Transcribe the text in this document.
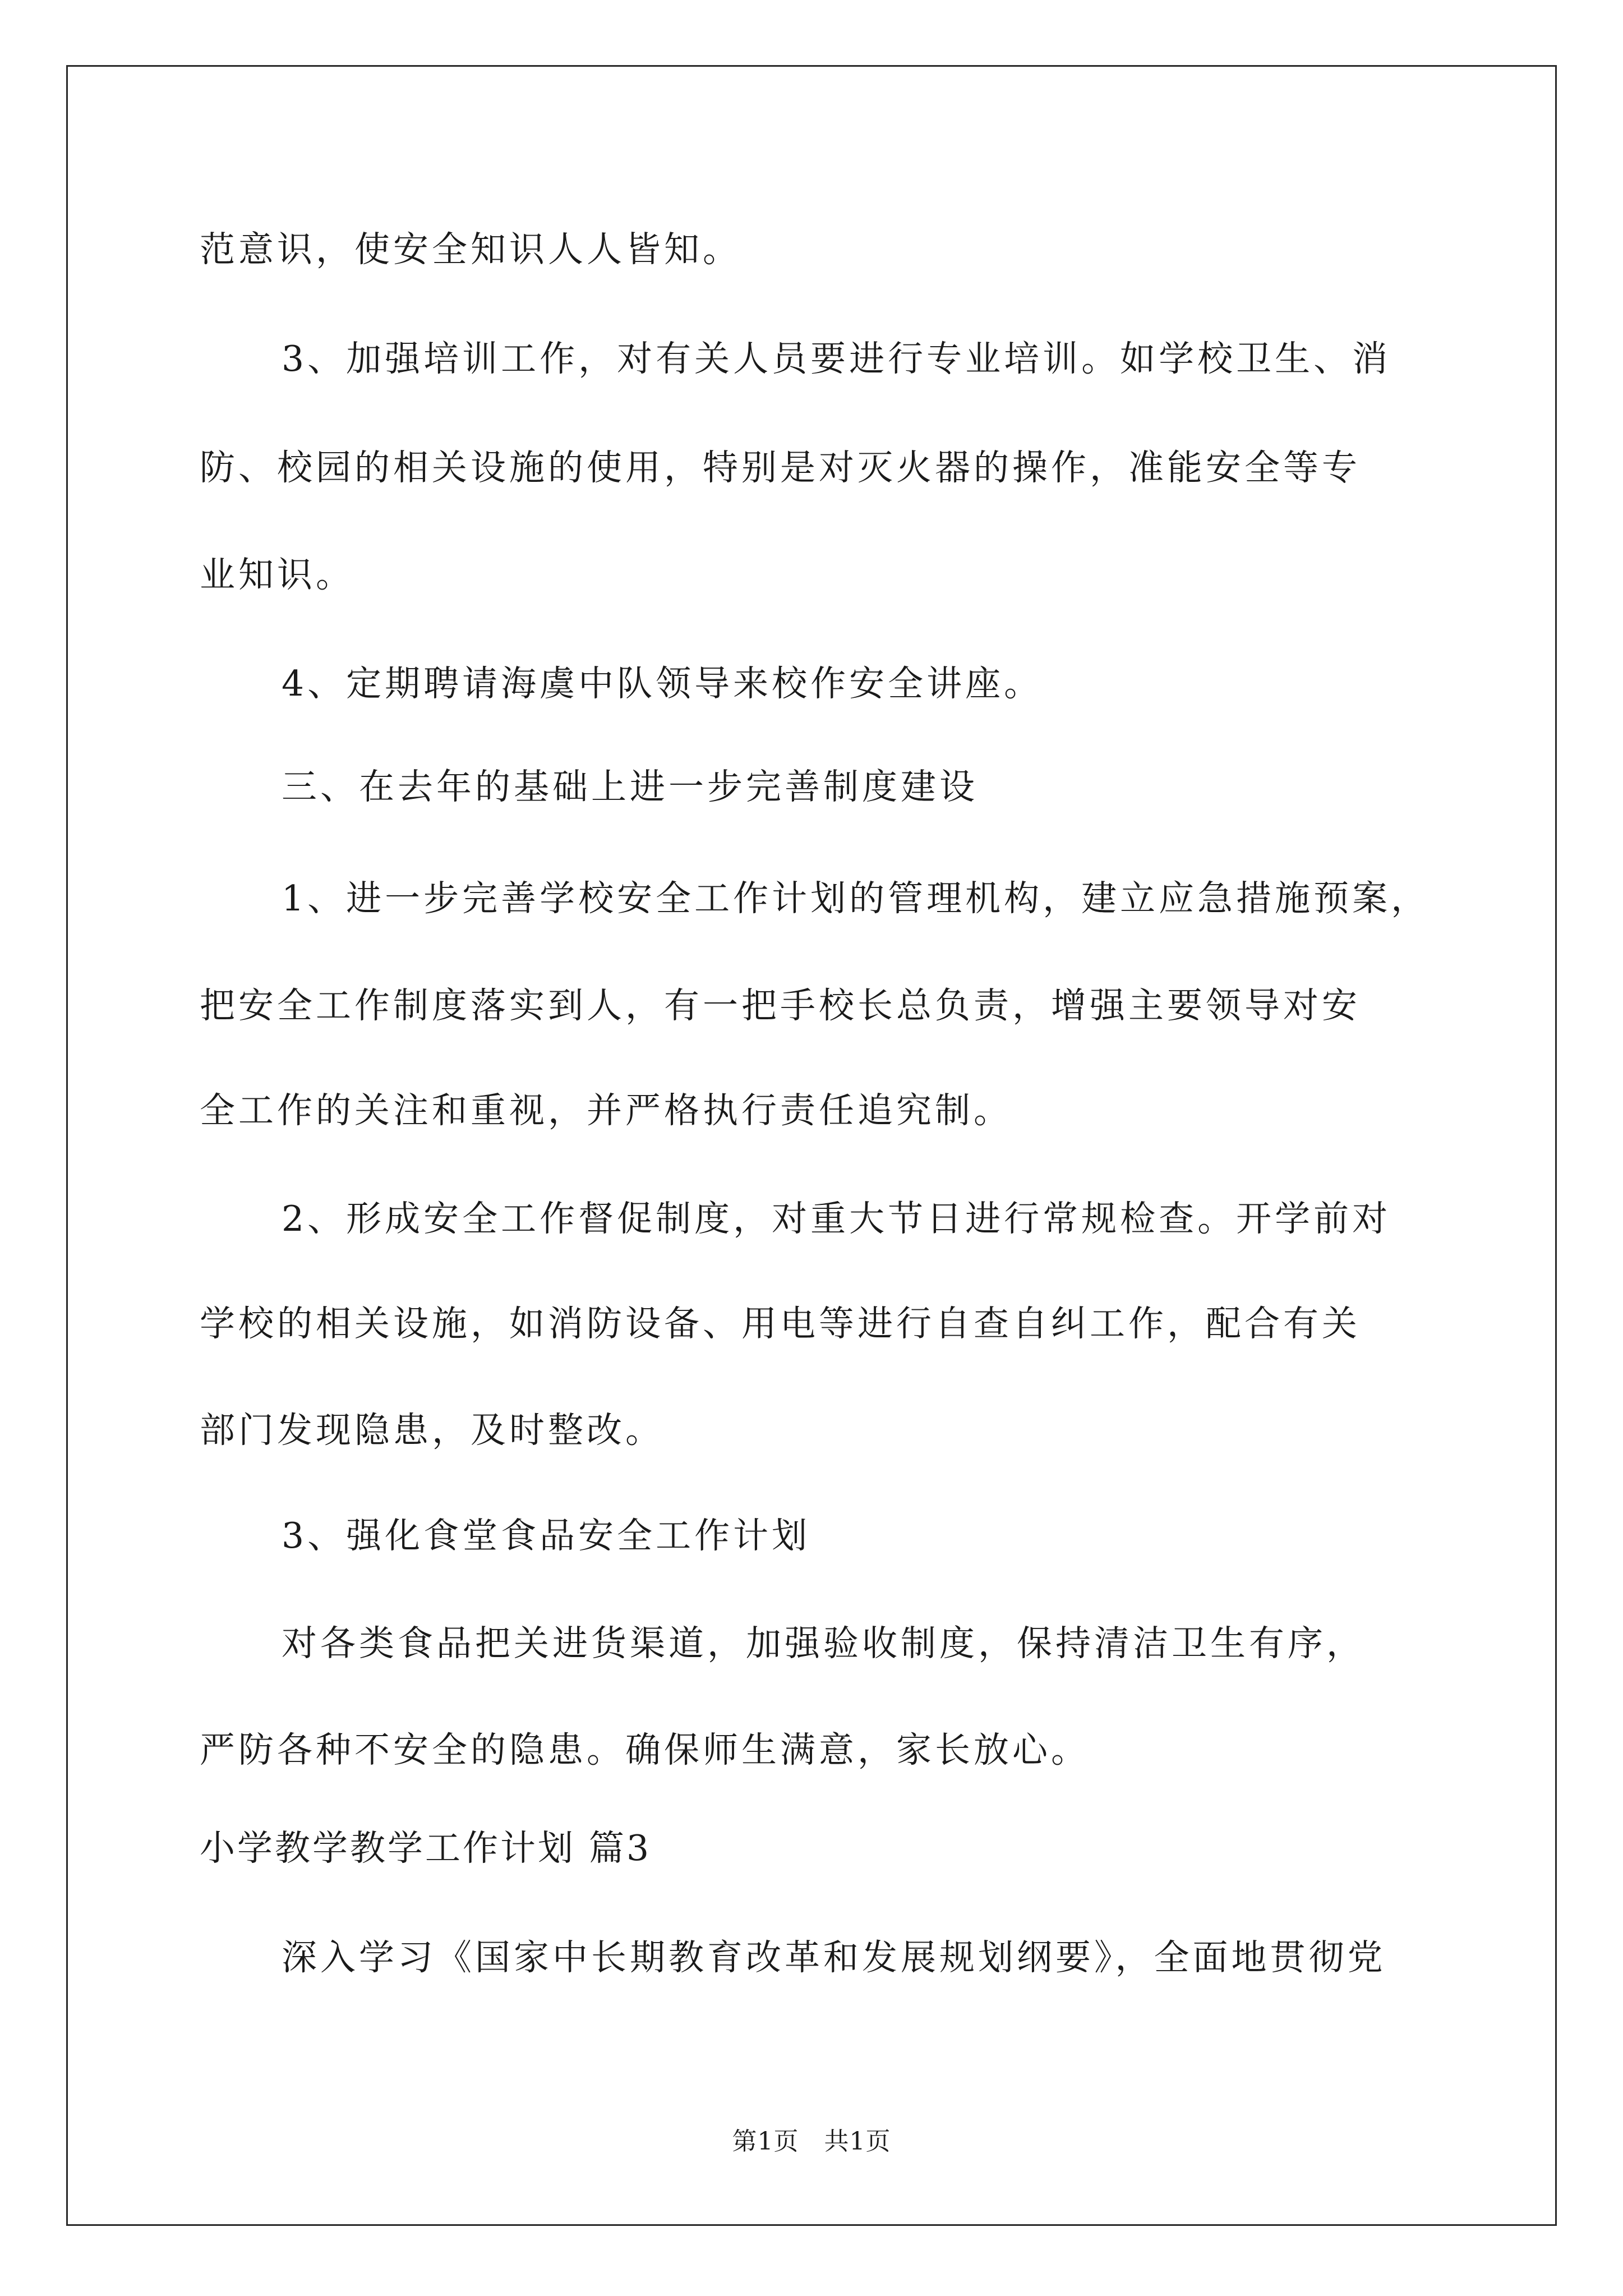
范意识，使安全知识人人皆知。
3、加强培训工作，对有关人员要进行专业培训。如学校卫生、消
防、校园的相关设施的使用，特别是对灭火器的操作，准能安全等专
业知识。
4、定期聘请海虞中队领导来校作安全讲座。
三、在去年的基础上进一步完善制度建设
1、进一步完善学校安全工作计划的管理机构，建立应急措施预案，
把安全工作制度落实到人，有一把手校长总负责，增强主要领导对安
全工作的关注和重视，并严格执行责任追究制。
2、形成安全工作督促制度，对重大节日进行常规检查。开学前对
学校的相关设施，如消防设备、用电等进行自查自纠工作，配合有关
部门发现隐患，及时整改。
3、强化食堂食品安全工作计划
对各类食品把关进货渠道，加强验收制度，保持清洁卫生有序，
严防各种不安全的隐患。确保师生满意，家长放心。
小学教学教学工作计划 篇3
深入学习《国家中长期教育改革和发展规划纲要》，全面地贯彻党
第1页　共1页
